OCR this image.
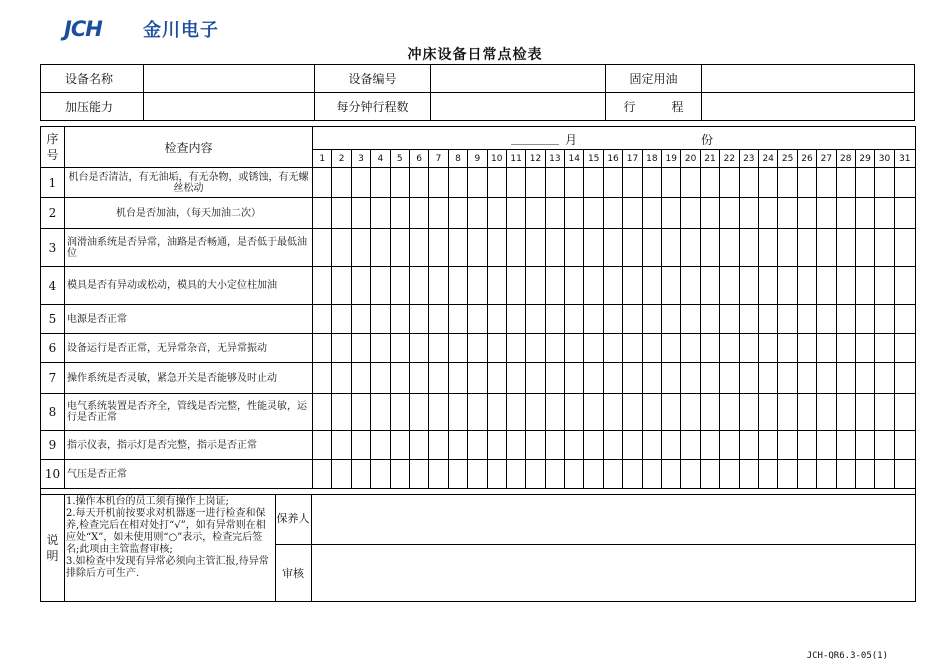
JCH 金川电子
冲床设备日常点检表
设备名称		设备编号		固定用油	
加压能力		每分钟行程数		行　　　程	
序
号	检查内容	
________ 月	份

1	2	3	4	5	6	7	8	9	10	11	12	13	14	15	16	17	18	19	20	21	22	23	24	25	26	27	28	29	30	31
1	机台是否清洁，有无油垢，有无杂物，或锈蚀，有无螺丝松动																															
2	机台是否加油，（每天加油二次）																															
3	润滑油系统是否异常，油路是否畅通，是否低于最低油位																															
4	模具是否有异动或松动，模具的大小定位柱加油																															
5	电源是否正常																															
6	设备运行是否正常，无异常杂音，无异常振动																															
7	操作系统是否灵敏，紧急开关是否能够及时止动																															
8	电气系统装置是否齐全，管线是否完整，性能灵敏，运行是否正常																															
9	指示仪表，指示灯是否完整，指示是否正常																															
10	气压是否正常																															

说
明	
1.操作本机台的员工须有操作上岗证;
2.每天开机前按要求对机器逐一进行检查和保养,检查完后在相对处打“√”，如有异常则在相应处“X”，如未使用则“○”表示，检查完后签名;此项由主管监督审核;
3.如检查中发现有异常必须向主管汇报,待异常排除后方可生产.
	保养人	
审核	
JCH-QR6.3-05(1)
